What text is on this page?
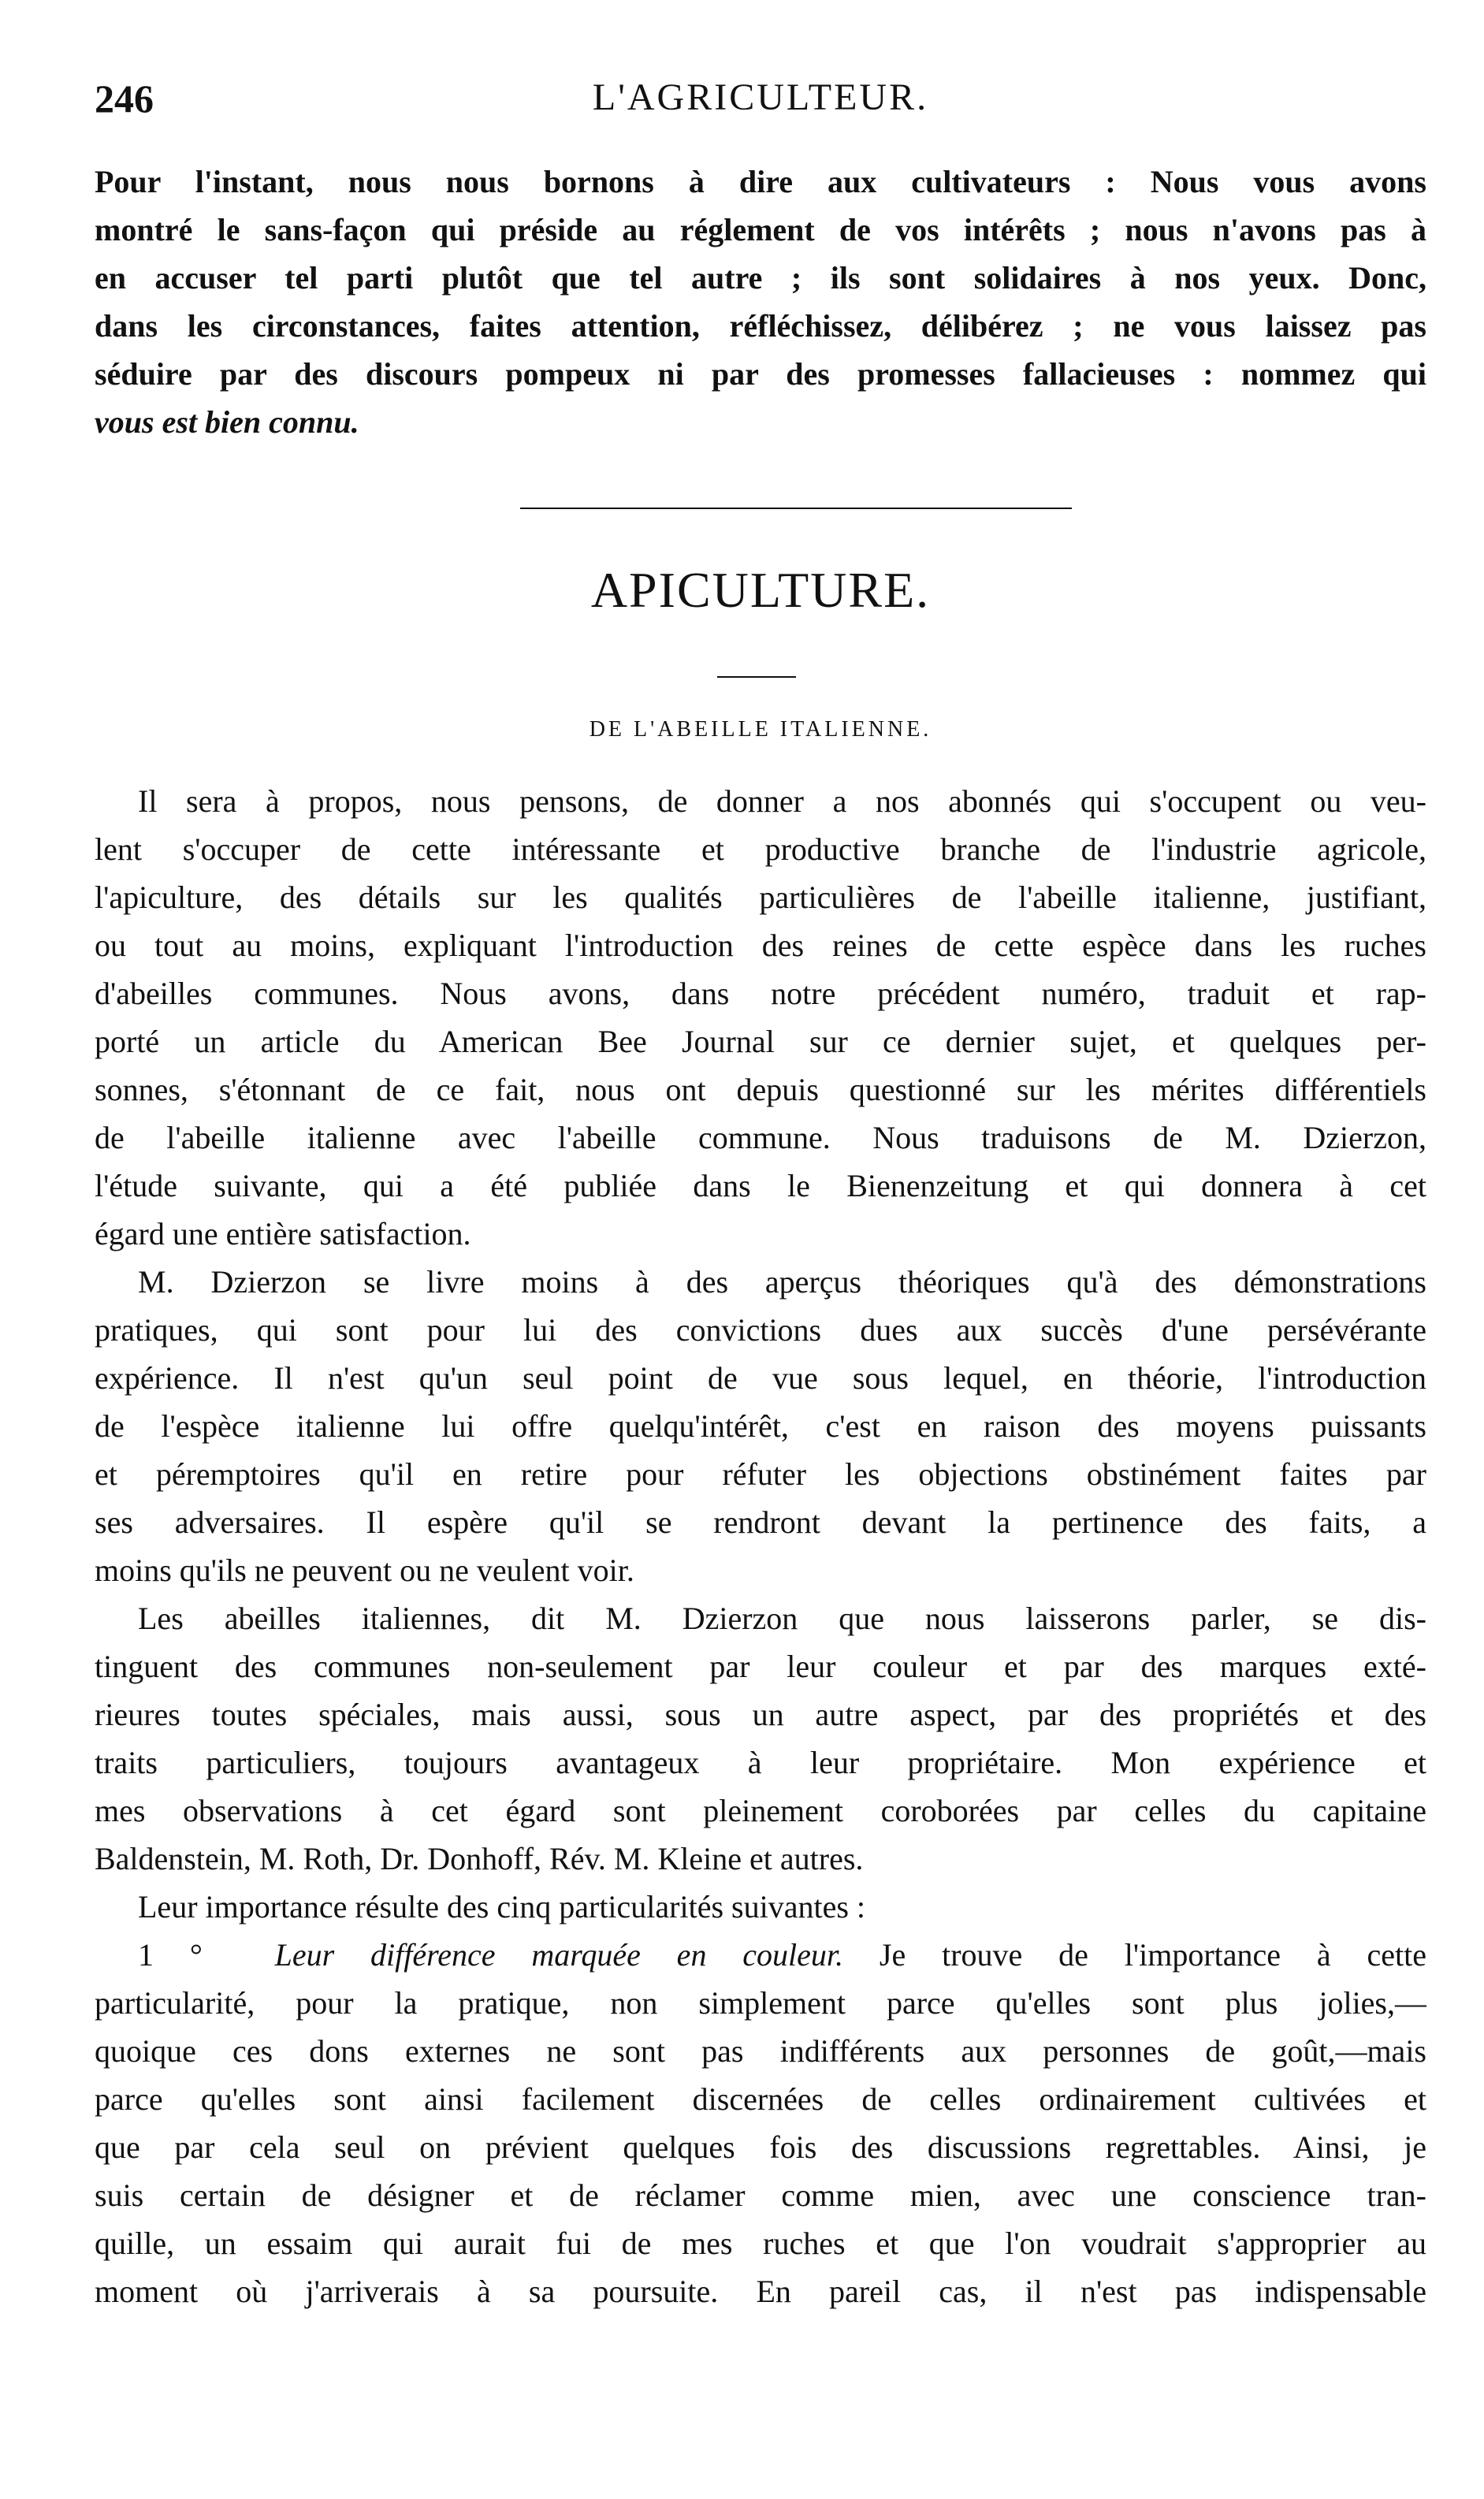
246	L'AGRICULTEUR.
Pour l'instant, nous nous bornons à dire aux cultivateurs : Nous vous avons
montré le sans-façon qui préside au réglement de vos intérêts ; nous n'avons pas à
en accuser tel parti plutôt que tel autre ; ils sont solidaires à nos yeux. Donc,
dans les circonstances, faites attention, réfléchissez, délibérez ; ne vous laissez pas
séduire par des discours pompeux ni par des promesses fallacieuses : nommez qui
vous est bien connu.
APICULTURE.
DE L'ABEILLE ITALIENNE.
Il sera à propos, nous pensons, de donner a nos abonnés qui s'occupent ou veu-
lent s'occuper de cette intéressante et productive branche de l'industrie agricole,
l'apiculture, des détails sur les qualités particulières de l'abeille italienne, justifiant,
ou tout au moins, expliquant l'introduction des reines de cette espèce dans les ruches
d'abeilles communes. Nous avons, dans notre précédent numéro, traduit et rap-
porté un article du American Bee Journal sur ce dernier sujet, et quelques per-
sonnes, s'étonnant de ce fait, nous ont depuis questionné sur les mérites différentiels
de l'abeille italienne avec l'abeille commune. Nous traduisons de M. Dzierzon,
l'étude suivante, qui a été publiée dans le Bienenzeitung et qui donnera à cet
égard une entière satisfaction.
M. Dzierzon se livre moins à des aperçus théoriques qu'à des démonstrations
pratiques, qui sont pour lui des convictions dues aux succès d'une persévérante
expérience. Il n'est qu'un seul point de vue sous lequel, en théorie, l'introduction
de l'espèce italienne lui offre quelqu'intérêt, c'est en raison des moyens puissants
et péremptoires qu'il en retire pour réfuter les objections obstinément faites par
ses adversaires. Il espère qu'il se rendront devant la pertinence des faits, a
moins qu'ils ne peuvent ou ne veulent voir.
Les abeilles italiennes, dit M. Dzierzon que nous laisserons parler, se dis-
tinguent des communes non-seulement par leur couleur et par des marques exté-
rieures toutes spéciales, mais aussi, sous un autre aspect, par des propriétés et des
traits particuliers, toujours avantageux à leur propriétaire. Mon expérience et
mes observations à cet égard sont pleinement coroborées par celles du capitaine
Baldenstein, M. Roth, Dr. Donhoff, Rév. M. Kleine et autres.
Leur importance résulte des cinq particularités suivantes :
1 ° Leur différence marquée en couleur. Je trouve de l'importance à cette
particularité, pour la pratique, non simplement parce qu'elles sont plus jolies,—
quoique ces dons externes ne sont pas indifférents aux personnes de goût,—mais
parce qu'elles sont ainsi facilement discernées de celles ordinairement cultivées et
que par cela seul on prévient quelques fois des discussions regrettables. Ainsi, je
suis certain de désigner et de réclamer comme mien, avec une conscience tran-
quille, un essaim qui aurait fui de mes ruches et que l'on voudrait s'approprier au
moment où j'arriverais à sa poursuite. En pareil cas, il n'est pas indispensable
